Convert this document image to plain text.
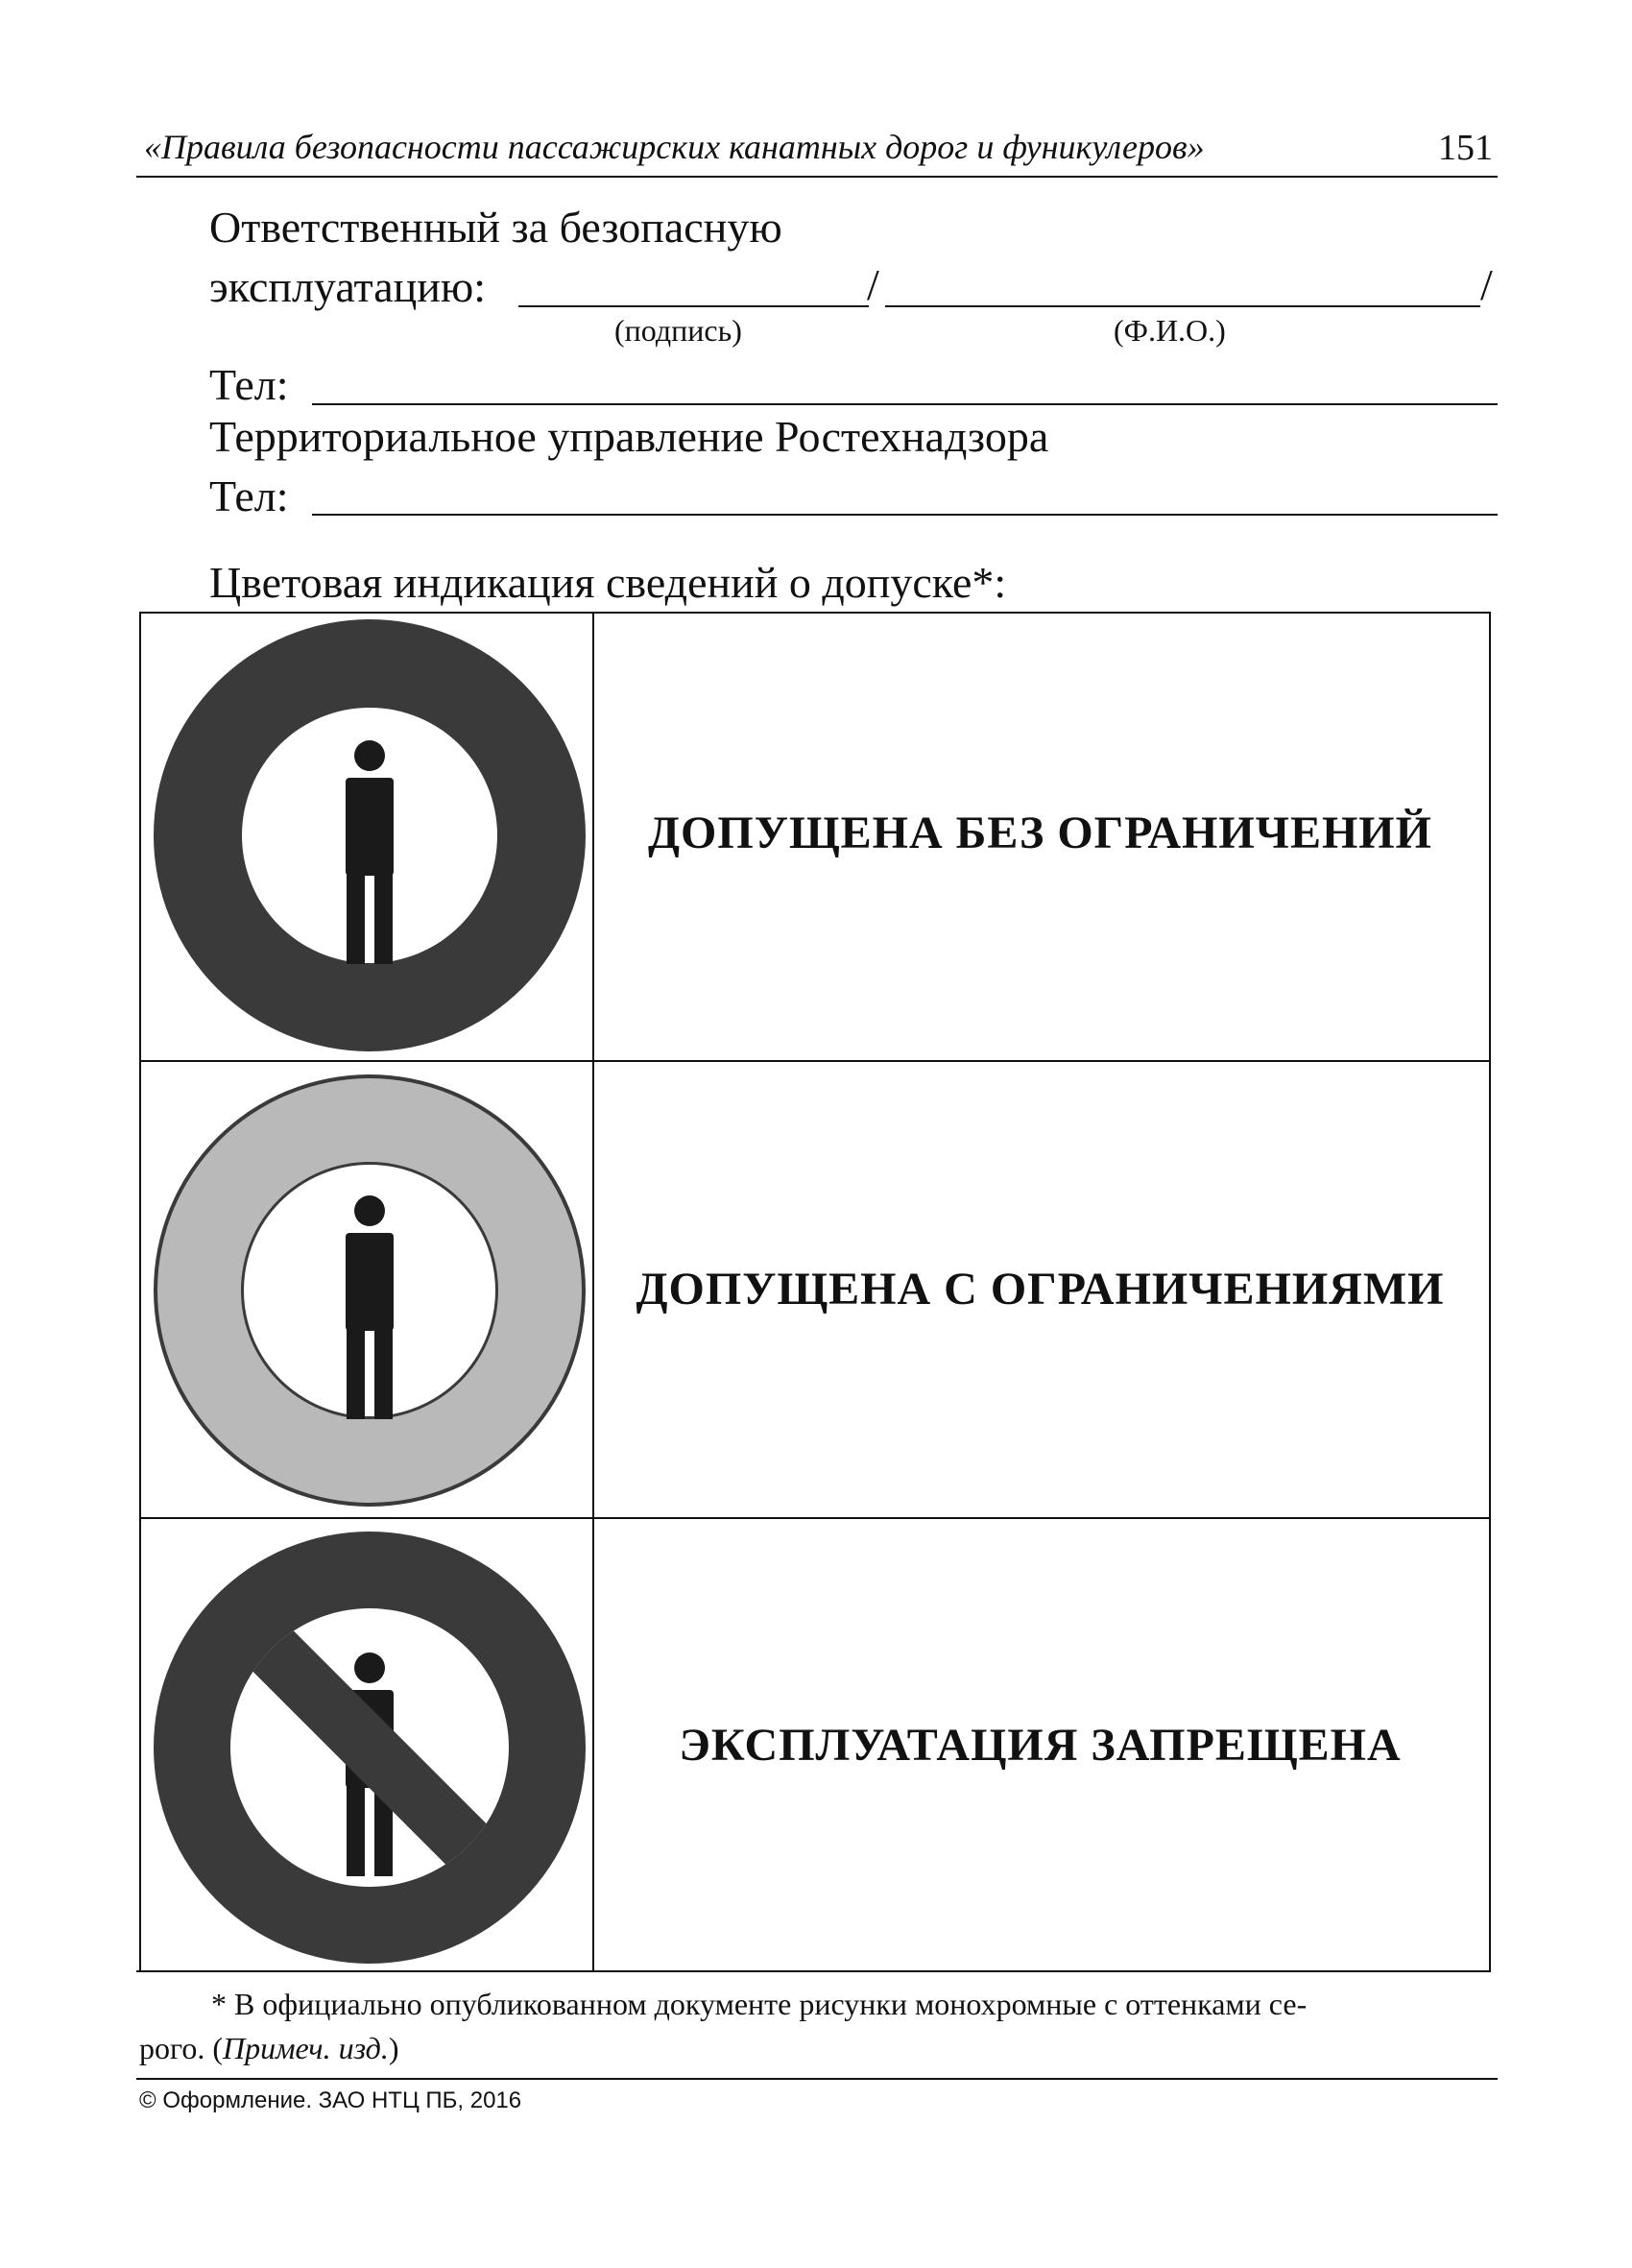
«Правила безопасности пассажирских канатных дорог и фуникулеров»	151
Ответственный за безопасную
эксплуатацию:	/	/
(подпись)	(Ф.И.О.)
Тел:
Территориальное управление Ростехнадзора
Тел:
Цветовая индикация сведений о допуске*:
ДОПУЩЕНА БЕЗ ОГРАНИЧЕНИЙ
ДОПУЩЕНА С ОГРАНИЧЕНИЯМИ
ЭКСПЛУАТАЦИЯ ЗАПРЕЩЕНА
* В официально опубликованном документе рисунки монохромные с оттенками се-
рого. (Примеч. изд.)
© Оформление. ЗАО НТЦ ПБ, 2016
